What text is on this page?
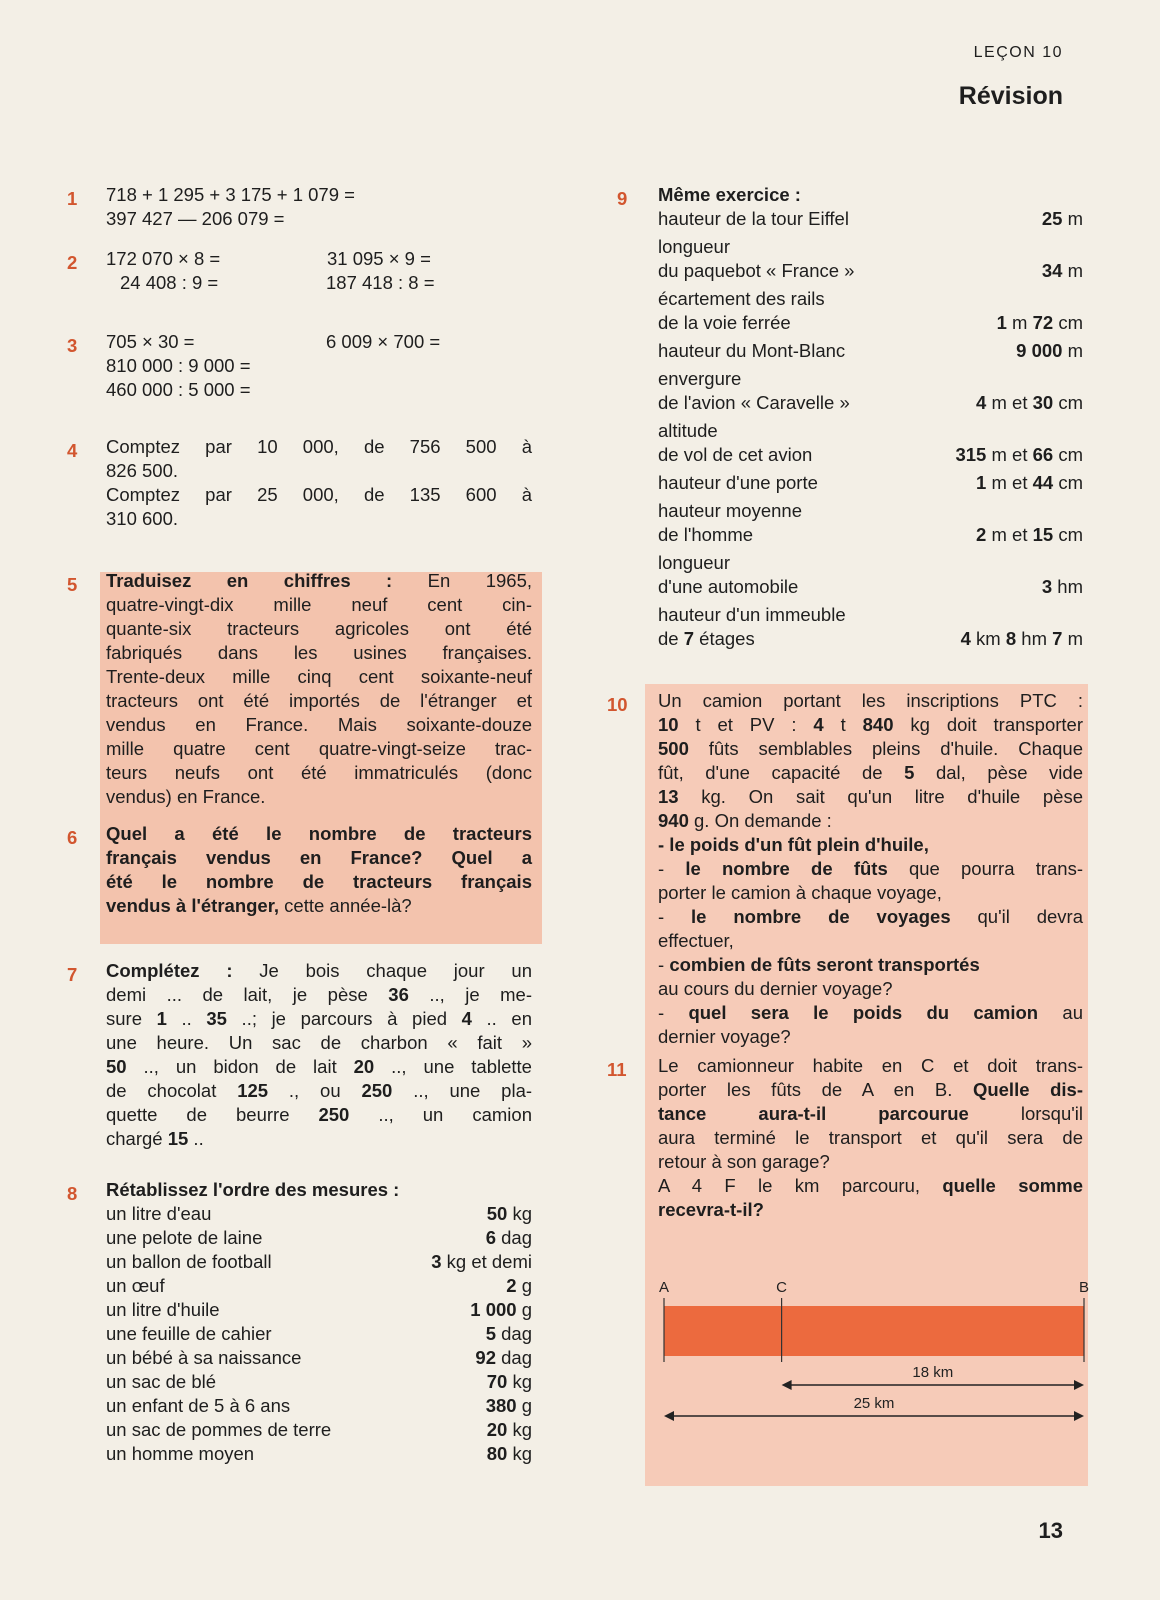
LEÇON 10
Révision
1 718 + 1 295 + 3 175 + 1 079 =
397 427 — 206 079 =
2 172 070 × 8 =	31 095 × 9 =
24 408 : 9 =	187 418 : 8 =
3 705 × 30 =	6 009 × 700 =
810 000 : 9 000 =
460 000 : 5 000 =
4 Comptez par 10 000, de 756 500 à
826 500.
Comptez par 25 000, de 135 600 à
310 600.
5 Traduisez en chiffres : En 1965,
quatre-vingt-dix mille neuf cent cin-
quante-six tracteurs agricoles ont été
fabriqués dans les usines françaises.
Trente-deux mille cinq cent soixante-neuf
tracteurs ont été importés de l'étranger et
vendus en France. Mais soixante-douze
mille quatre cent quatre-vingt-seize trac-
teurs neufs ont été immatriculés (donc
vendus) en France.
6 Quel a été le nombre de tracteurs
français vendus en France? Quel a
été le nombre de tracteurs français
vendus à l'étranger, cette année-là?
7 Complétez : Je bois chaque jour un
demi ... de lait, je pèse 36 .., je me-
sure 1 .. 35 ..; je parcours à pied 4 .. en
une heure. Un sac de charbon « fait »
50 .., un bidon de lait 20 .., une tablette
de chocolat 125 ., ou 250 .., une pla-
quette de beurre 250 .., un camion
chargé 15 ..
8 Rétablissez l'ordre des mesures :
un litre d'eau	50 kg
une pelote de laine	6 dag
un ballon de football	3 kg et demi
un œuf	2 g
un litre d'huile	1 000 g
une feuille de cahier	5 dag
un bébé à sa naissance	92 dag
un sac de blé	70 kg
un enfant de 5 à 6 ans	380 g
un sac de pommes de terre	20 kg
un homme moyen	80 kg
9 Même exercice :
hauteur de la tour Eiffel	25 m
longueur
du paquebot « France »	34 m
écartement des rails
de la voie ferrée	1 m 72 cm
hauteur du Mont-Blanc	9 000 m
envergure
de l'avion « Caravelle »	4 m et 30 cm
altitude
de vol de cet avion	315 m et 66 cm
hauteur d'une porte	1 m et 44 cm
hauteur moyenne
de l'homme	2 m et 15 cm
longueur
d'une automobile	3 hm
hauteur d'un immeuble
de 7 étages	4 km 8 hm 7 m
10 Un camion portant les inscriptions PTC :
10 t et PV : 4 t 840 kg doit transporter
500 fûts semblables pleins d'huile. Chaque
fût, d'une capacité de 5 dal, pèse vide
13 kg. On sait qu'un litre d'huile pèse
940 g. On demande :
- le poids d'un fût plein d'huile,
- le nombre de fûts que pourra trans-
porter le camion à chaque voyage,
- le nombre de voyages qu'il devra
effectuer,
- combien de fûts seront transportés
au cours du dernier voyage?
- quel sera le poids du camion au
dernier voyage?
11 Le camionneur habite en C et doit trans-
porter les fûts de A en B. Quelle dis-
tance aura-t-il parcourue lorsqu'il
aura terminé le transport et qu'il sera de
retour à son garage?
A 4 F le km parcouru, quelle somme
recevra-t-il?
A	C	B
18 km
25 km
13
